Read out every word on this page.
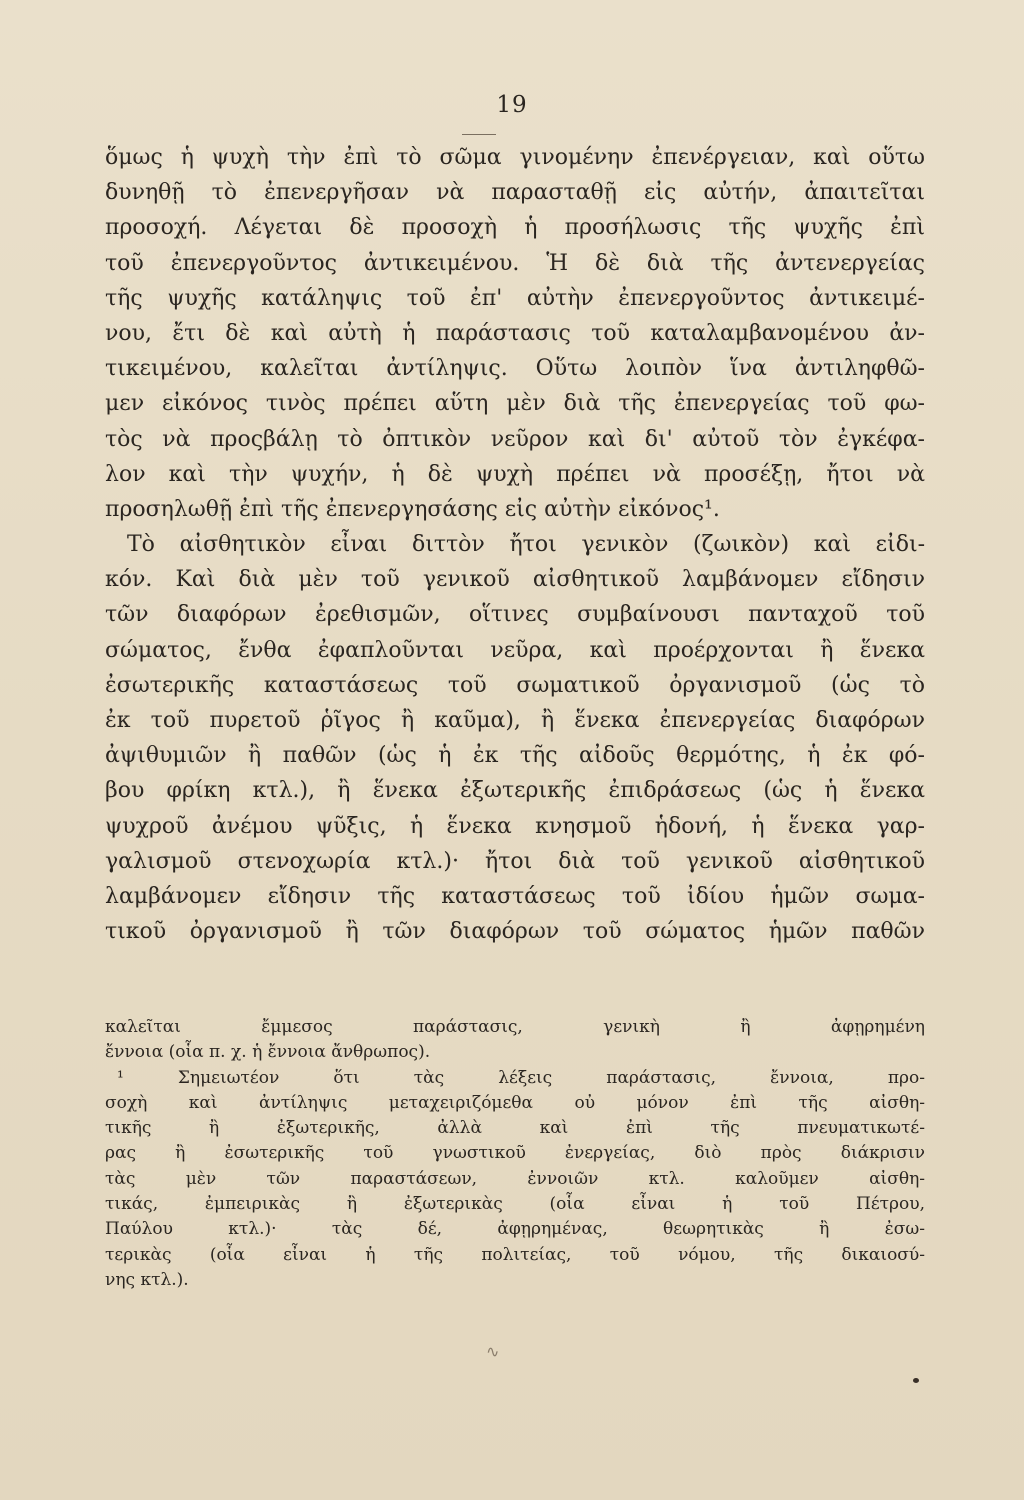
19
ὅμως ἡ ψυχὴ τὴν ἐπὶ τὸ σῶμα γινομένην ἐπενέργειαν, καὶ οὕτω
δυνηθῇ τὸ ἐπενεργῆσαν νὰ παρασταθῇ εἰς αὐτήν, ἀπαιτεῖται
προσοχή. Λέγεται δὲ προσοχὴ ἡ προσήλωσις τῆς ψυχῆς ἐπὶ
τοῦ ἐπενεργοῦντος ἀντικειμένου. Ἡ δὲ διὰ τῆς ἀντενεργείας
τῆς ψυχῆς κατάληψις τοῦ ἐπ' αὐτὴν ἐπενεργοῦντος ἀντικειμέ-
νου, ἔτι δὲ καὶ αὐτὴ ἡ παράστασις τοῦ καταλαμβανομένου ἀν-
τικειμένου, καλεῖται ἀντίληψις. Οὕτω λοιπὸν ἵνα ἀντιληφθῶ-
μεν εἰκόνος τινὸς πρέπει αὕτη μὲν διὰ τῆς ἐπενεργείας τοῦ φω-
τὸς νὰ προςβάλῃ τὸ ὀπτικὸν νεῦρον καὶ δι' αὐτοῦ τὸν ἐγκέφα-
λον καὶ τὴν ψυχήν, ἡ δὲ ψυχὴ πρέπει νὰ προσέξῃ, ἤτοι νὰ
προσηλωθῇ ἐπὶ τῆς ἐπενεργησάσης εἰς αὐτὴν εἰκόνος¹.
Τὸ αἰσθητικὸν εἶναι διττὸν ἤτοι γενικὸν (ζωικὸν) καὶ εἰδι-
κόν. Καὶ διὰ μὲν τοῦ γενικοῦ αἰσθητικοῦ λαμβάνομεν εἴδησιν
τῶν διαφόρων ἐρεθισμῶν, οἵτινες συμβαίνουσι πανταχοῦ τοῦ
σώματος, ἔνθα ἐφαπλοῦνται νεῦρα, καὶ προέρχονται ἢ ἕνεκα
ἐσωτερικῆς καταστάσεως τοῦ σωματικοῦ ὀργανισμοῦ (ὡς τὸ
ἐκ τοῦ πυρετοῦ ῥῖγος ἢ καῦμα), ἢ ἕνεκα ἐπενεργείας διαφόρων
ἀψιθυμιῶν ἢ παθῶν (ὡς ἡ ἐκ τῆς αἰδοῦς θερμότης, ἡ ἐκ φό-
βου φρίκη κτλ.), ἢ ἕνεκα ἐξωτερικῆς ἐπιδράσεως (ὡς ἡ ἕνεκα
ψυχροῦ ἀνέμου ψῦξις, ἡ ἕνεκα κνησμοῦ ἡδονή, ἡ ἕνεκα γαρ-
γαλισμοῦ στενοχωρία κτλ.)· ἤτοι διὰ τοῦ γενικοῦ αἰσθητικοῦ
λαμβάνομεν εἴδησιν τῆς καταστάσεως τοῦ ἰδίου ἡμῶν σωμα-
τικοῦ ὀργανισμοῦ ἢ τῶν διαφόρων τοῦ σώματος ἡμῶν παθῶν
καλεῖται ἔμμεσος παράστασις, γενικὴ ἢ ἀφῃρημένη
ἔννοια (οἷα π. χ. ἡ ἔννοια ἄνθρωπος).
¹ Σημειωτέον ὅτι τὰς λέξεις παράστασις, ἔννοια, προ-
σοχὴ καὶ ἀντίληψις μεταχειριζόμεθα οὐ μόνον ἐπὶ τῆς αἰσθη-
τικῆς ἢ ἐξωτερικῆς, ἀλλὰ καὶ ἐπὶ τῆς πνευματικωτέ-
ρας ἢ ἐσωτερικῆς τοῦ γνωστικοῦ ἐνεργείας, διὸ πρὸς διάκρισιν
τὰς μὲν τῶν παραστάσεων, ἐννοιῶν κτλ. καλοῦμεν αἰσθη-
τικάς, ἐμπειρικὰς ἢ ἐξωτερικὰς (οἷα εἶναι ἡ τοῦ Πέτρου,
Παύλου κτλ.)· τὰς δέ, ἀφῃρημένας, θεωρητικὰς ἢ ἐσω-
τερικὰς (οἷα εἶναι ἡ τῆς πολιτείας, τοῦ νόμου, τῆς δικαιοσύ-
νης κτλ.).
∿
